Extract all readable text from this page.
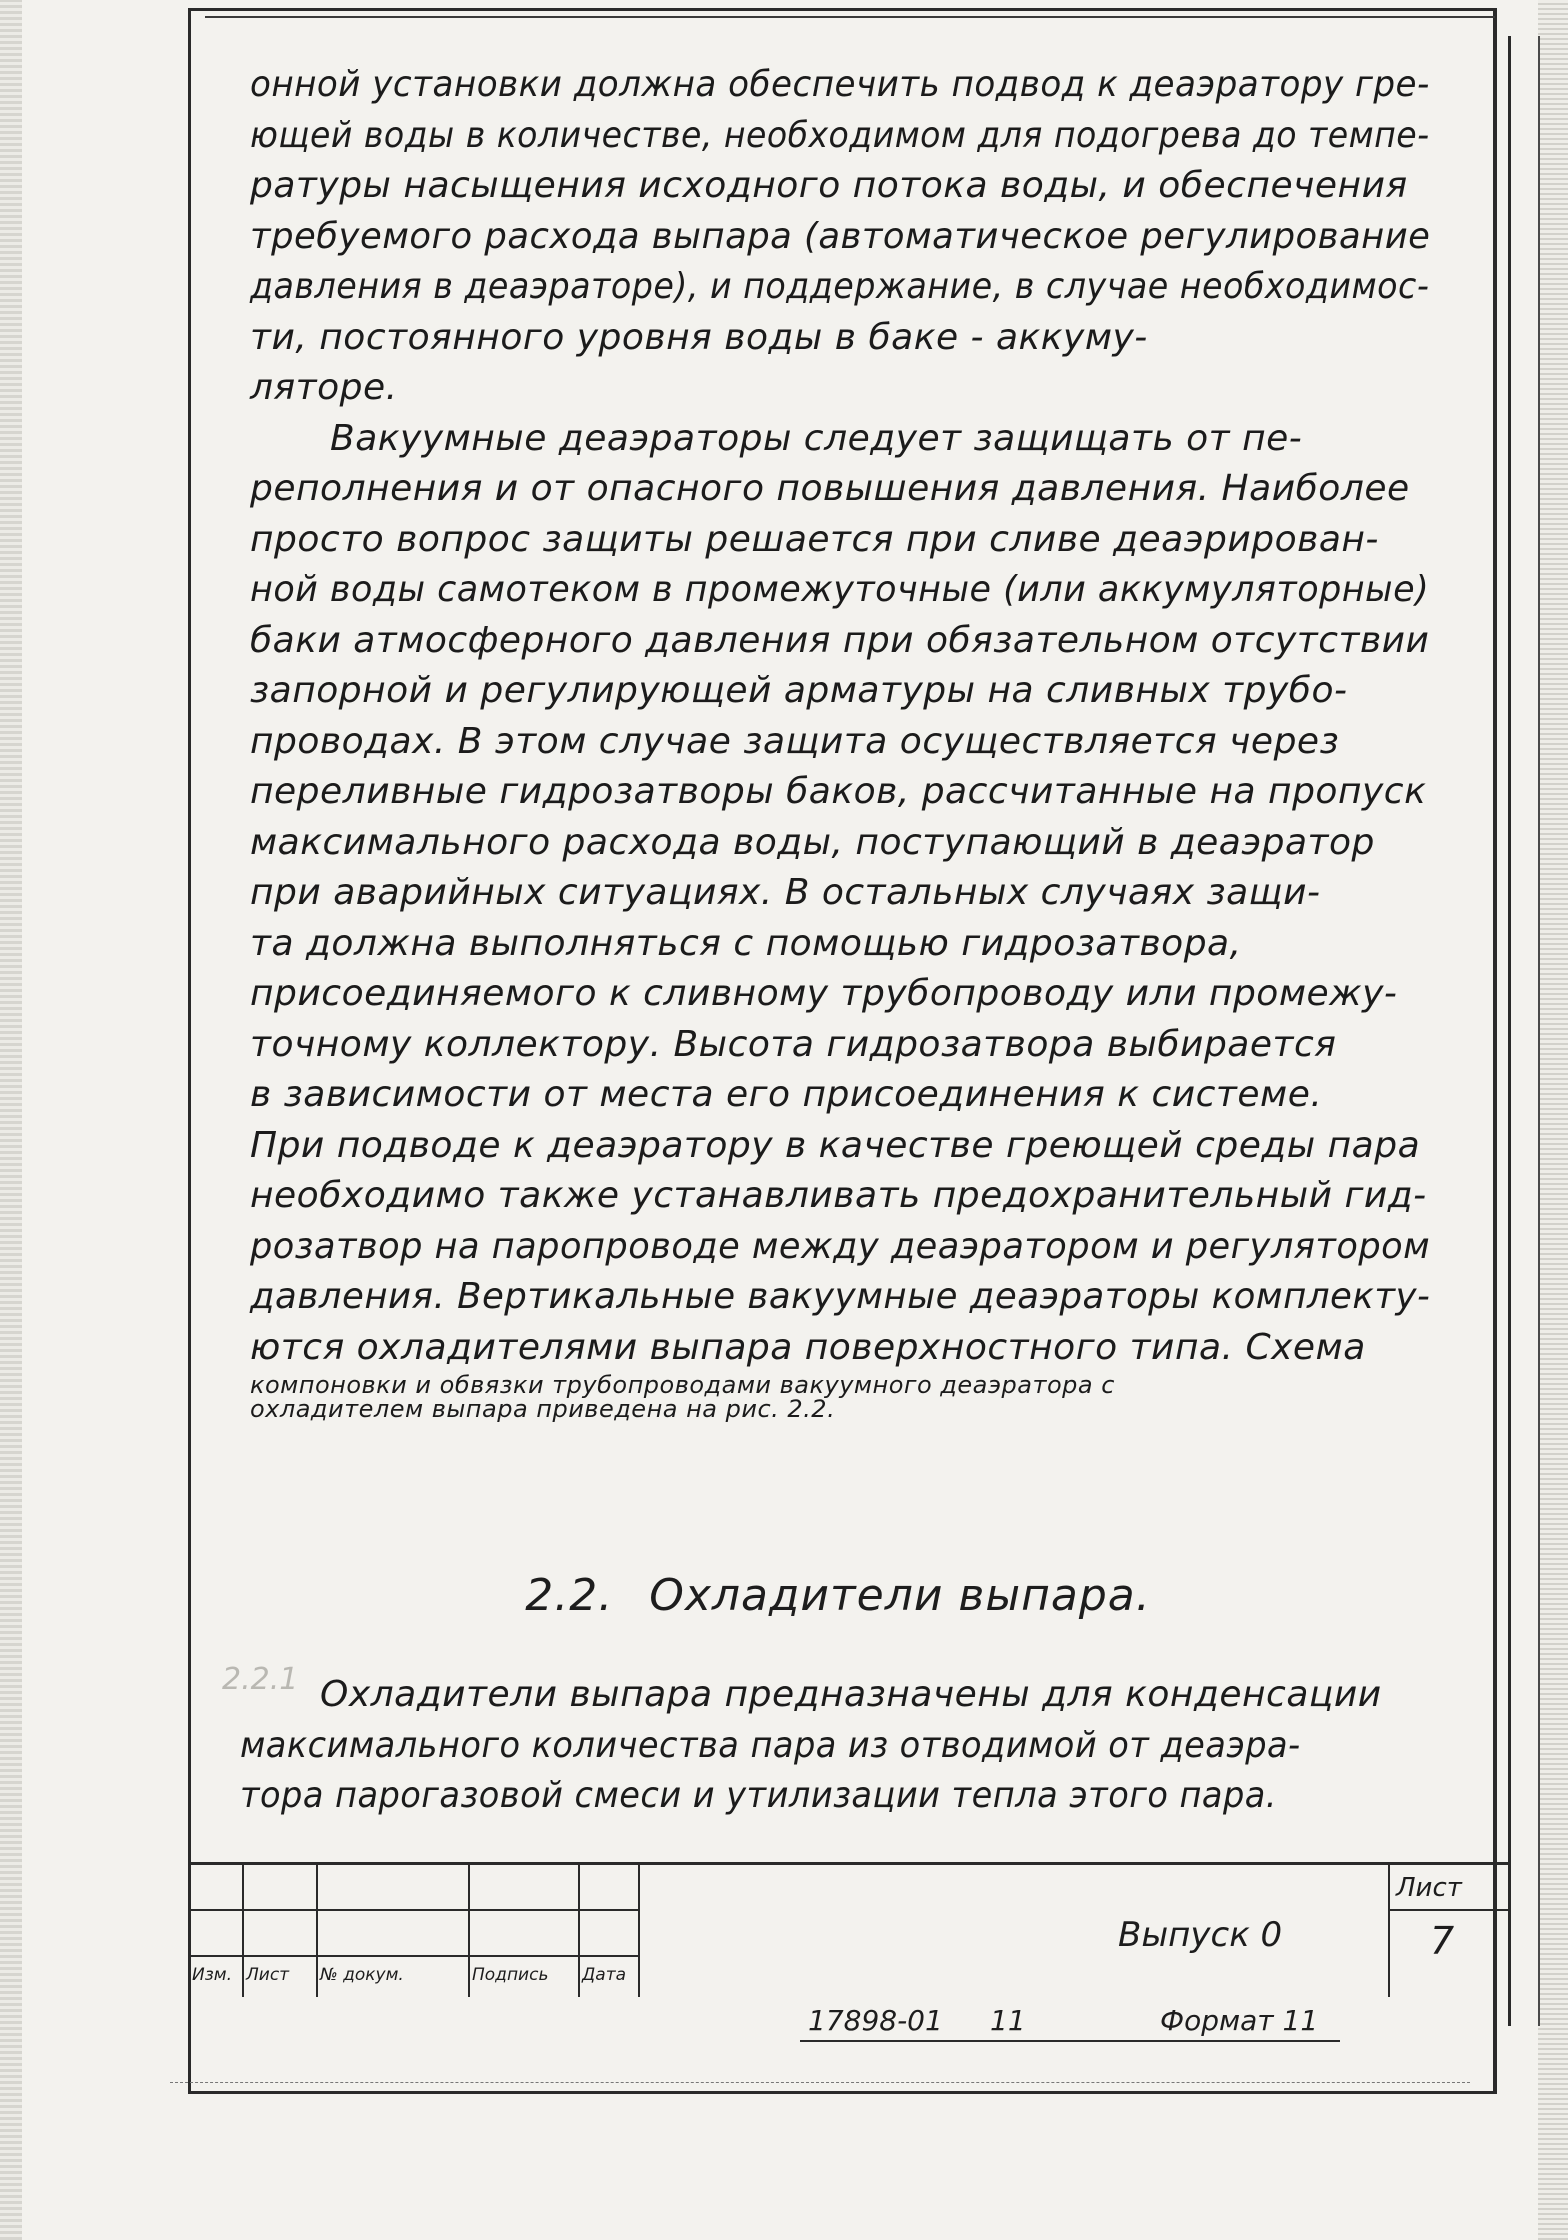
онной установки должна обеспечить подвод к деаэратору гре-
ющей воды в количестве, необходимом для подогрева до темпе-
ратуры насыщения исходного потока воды, и обеспечения
требуемого расхода выпара (автоматическое регулирование
давления в деаэраторе), и поддержание, в случае необходимос-
ти, постоянного уровня воды в баке - аккуму-
ляторе.
Вакуумные деаэраторы следует защищать от пе-
реполнения и от опасного повышения давления. Наиболее
просто вопрос защиты решается при сливе деаэрирован-
ной воды самотеком в промежуточные (или аккумуляторные)
баки атмосферного давления при обязательном отсутствии
запорной и регулирующей арматуры на сливных трубо-
проводах. В этом случае защита осуществляется через
переливные гидрозатворы баков, рассчитанные на пропуск
максимального расхода воды, поступающий в деаэратор
при аварийных ситуациях. В остальных случаях защи-
та должна выполняться с помощью гидрозатвора,
присоединяемого к сливному трубопроводу или промежу-
точному коллектору. Высота гидрозатвора выбирается
в зависимости от места его присоединения к системе.
При подводе к деаэратору в качестве греющей среды пара
необходимо также устанавливать предохранительный гид-
розатвор на паропроводе между деаэратором и регулятором
давления. Вертикальные вакуумные деаэраторы комплекту-
ются охладителями выпара поверхностного типа. Схема
компоновки и обвязки трубопроводами вакуумного деаэратора с
охладителем выпара приведена на рис. 2.2.
2.2. Охладители выпара.
2.2.1 Охладители выпара предназначены для конденсации
максимального количества пара из отводимой от деаэра-
тора парогазовой смеси и утилизации тепла этого пара.
Изм. Лист № докум.	Подпись Дата
Выпуск 0
Лист
7
17898-01 11	Формат 11
